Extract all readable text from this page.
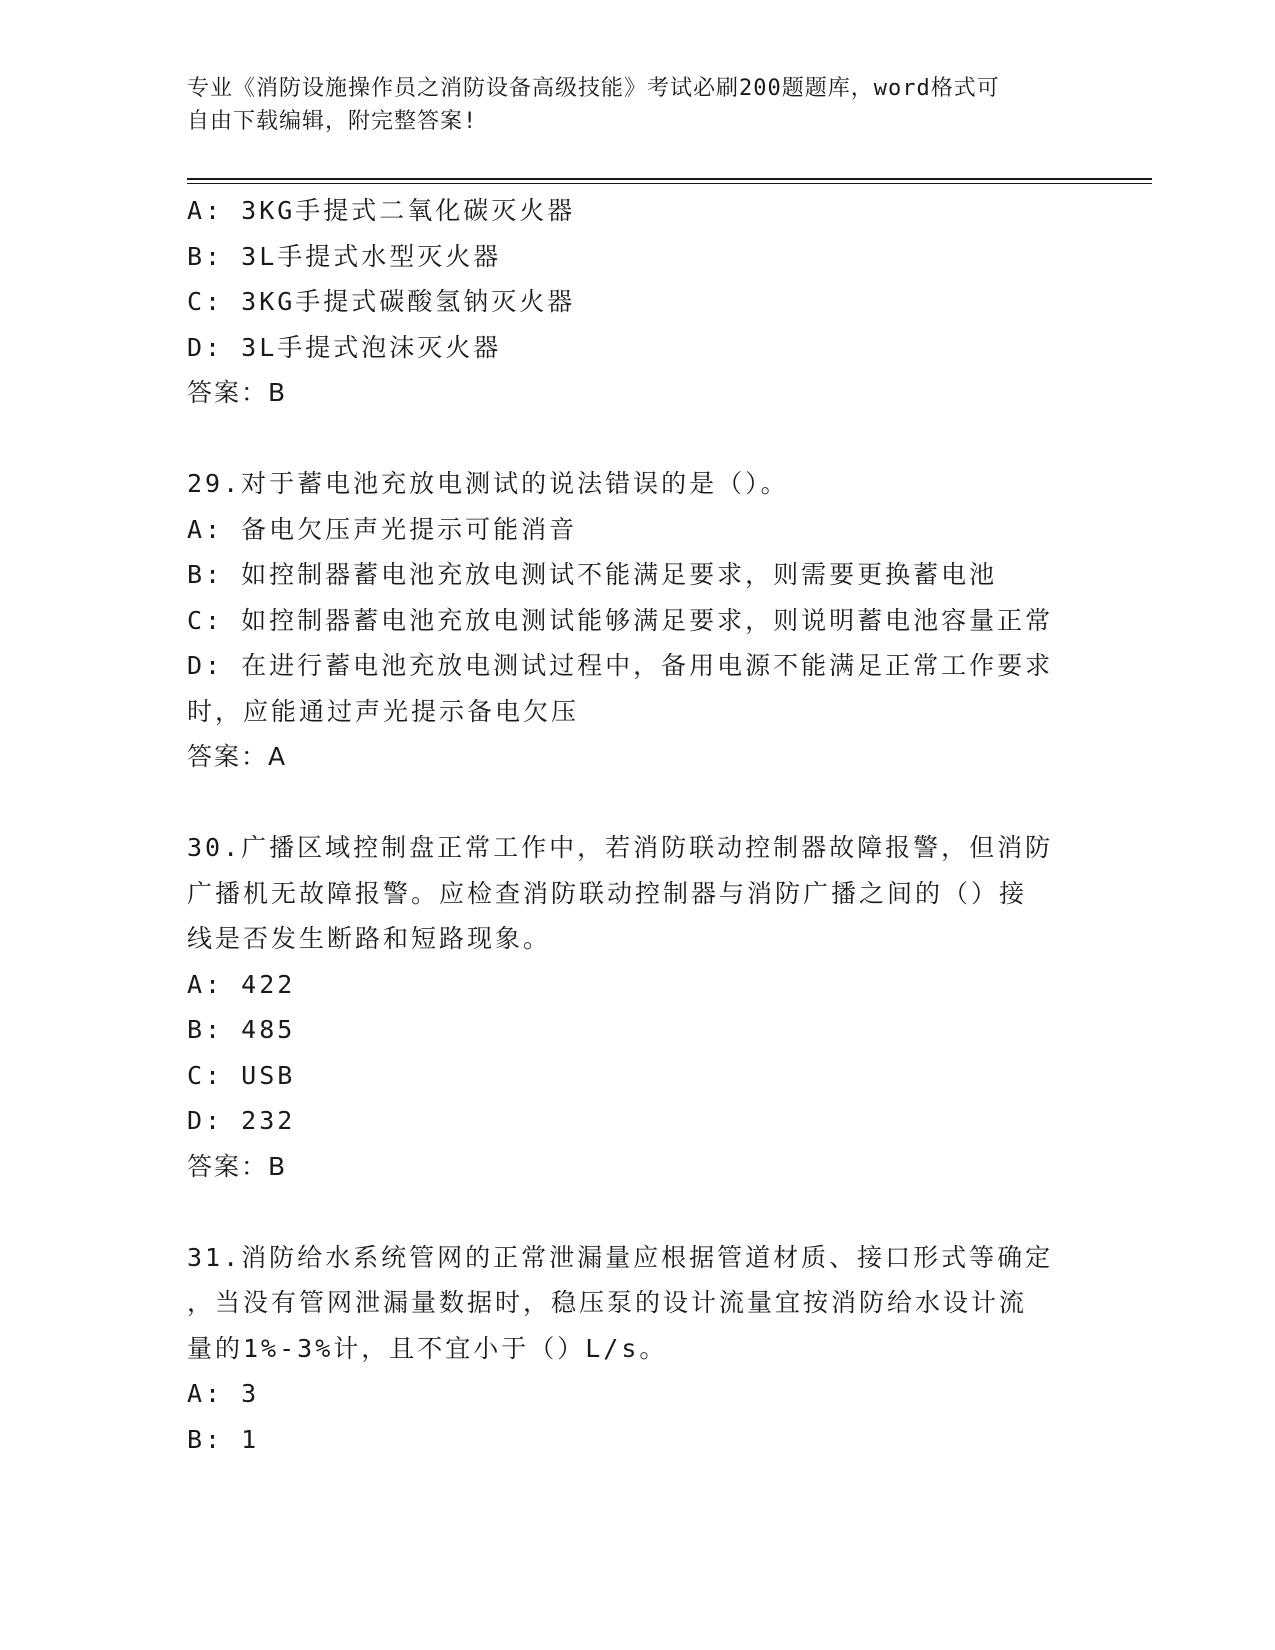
专业《消防设施操作员之消防设备高级技能》考试必刷200题题库，word格式可
自由下载编辑，附完整答案!
A: 3KG手提式二氧化碳灭火器
B: 3L手提式水型灭火器
C: 3KG手提式碳酸氢钠灭火器
D: 3L手提式泡沫灭火器
答案：B
29.对于蓄电池充放电测试的说法错误的是（）。
A: 备电欠压声光提示可能消音
B: 如控制器蓄电池充放电测试不能满足要求，则需要更换蓄电池
C: 如控制器蓄电池充放电测试能够满足要求，则说明蓄电池容量正常
D: 在进行蓄电池充放电测试过程中，备用电源不能满足正常工作要求
时，应能通过声光提示备电欠压
答案：A
30.广播区域控制盘正常工作中，若消防联动控制器故障报警，但消防
广播机无故障报警。应检查消防联动控制器与消防广播之间的（）接
线是否发生断路和短路现象。
A: 422
B: 485
C: USB
D: 232
答案：B
31.消防给水系统管网的正常泄漏量应根据管道材质、接口形式等确定
，当没有管网泄漏量数据时，稳压泵的设计流量宜按消防给水设计流
量的1%-3%计，且不宜小于（）L/s。
A: 3
B: 1
